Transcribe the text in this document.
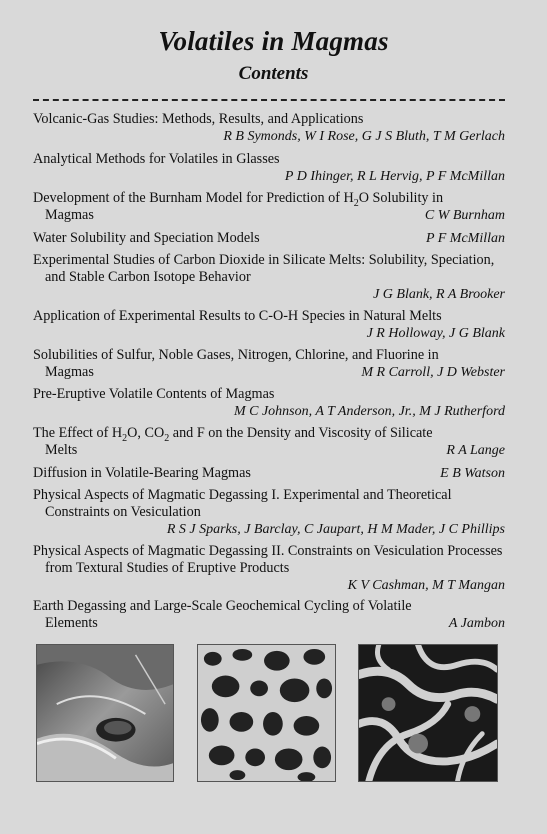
Volatiles in Magmas
Contents
Volcanic-Gas Studies: Methods, Results, and Applications
R B Symonds, W I Rose, G J S Bluth, T M Gerlach
Analytical Methods for Volatiles in Glasses
P D Ihinger, R L Hervig, P F McMillan
Development of the Burnham Model for Prediction of $H_2O$ Solubility in
Magmas	C W Burnham
Water Solubility and Speciation Models	P F McMillan
Experimental Studies of Carbon Dioxide in Silicate Melts: Solubility, Speciation, and Stable Carbon Isotope Behavior
J G Blank, R A Brooker
Application of Experimental Results to C-O-H Species in Natural Melts
J R Holloway, J G Blank
Solubilities of Sulfur, Noble Gases, Nitrogen, Chlorine, and Fluorine in
Magmas	M R Carroll, J D Webster
Pre-Eruptive Volatile Contents of Magmas
M C Johnson, A T Anderson, Jr., M J Rutherford
The Effect of $H_2O$, $CO_2$ and F on the Density and Viscosity of Silicate
Melts	R A Lange
Diffusion in Volatile-Bearing Magmas	E B Watson
Physical Aspects of Magmatic Degassing I. Experimental and Theoretical Constraints on Vesiculation
R S J Sparks, J Barclay, C Jaupart, H M Mader, J C Phillips
Physical Aspects of Magmatic Degassing II. Constraints on Vesiculation Processes from Textural Studies of Eruptive Products
K V Cashman, M T Mangan
Earth Degassing and Large-Scale Geochemical Cycling of Volatile
Elements	A Jambon
